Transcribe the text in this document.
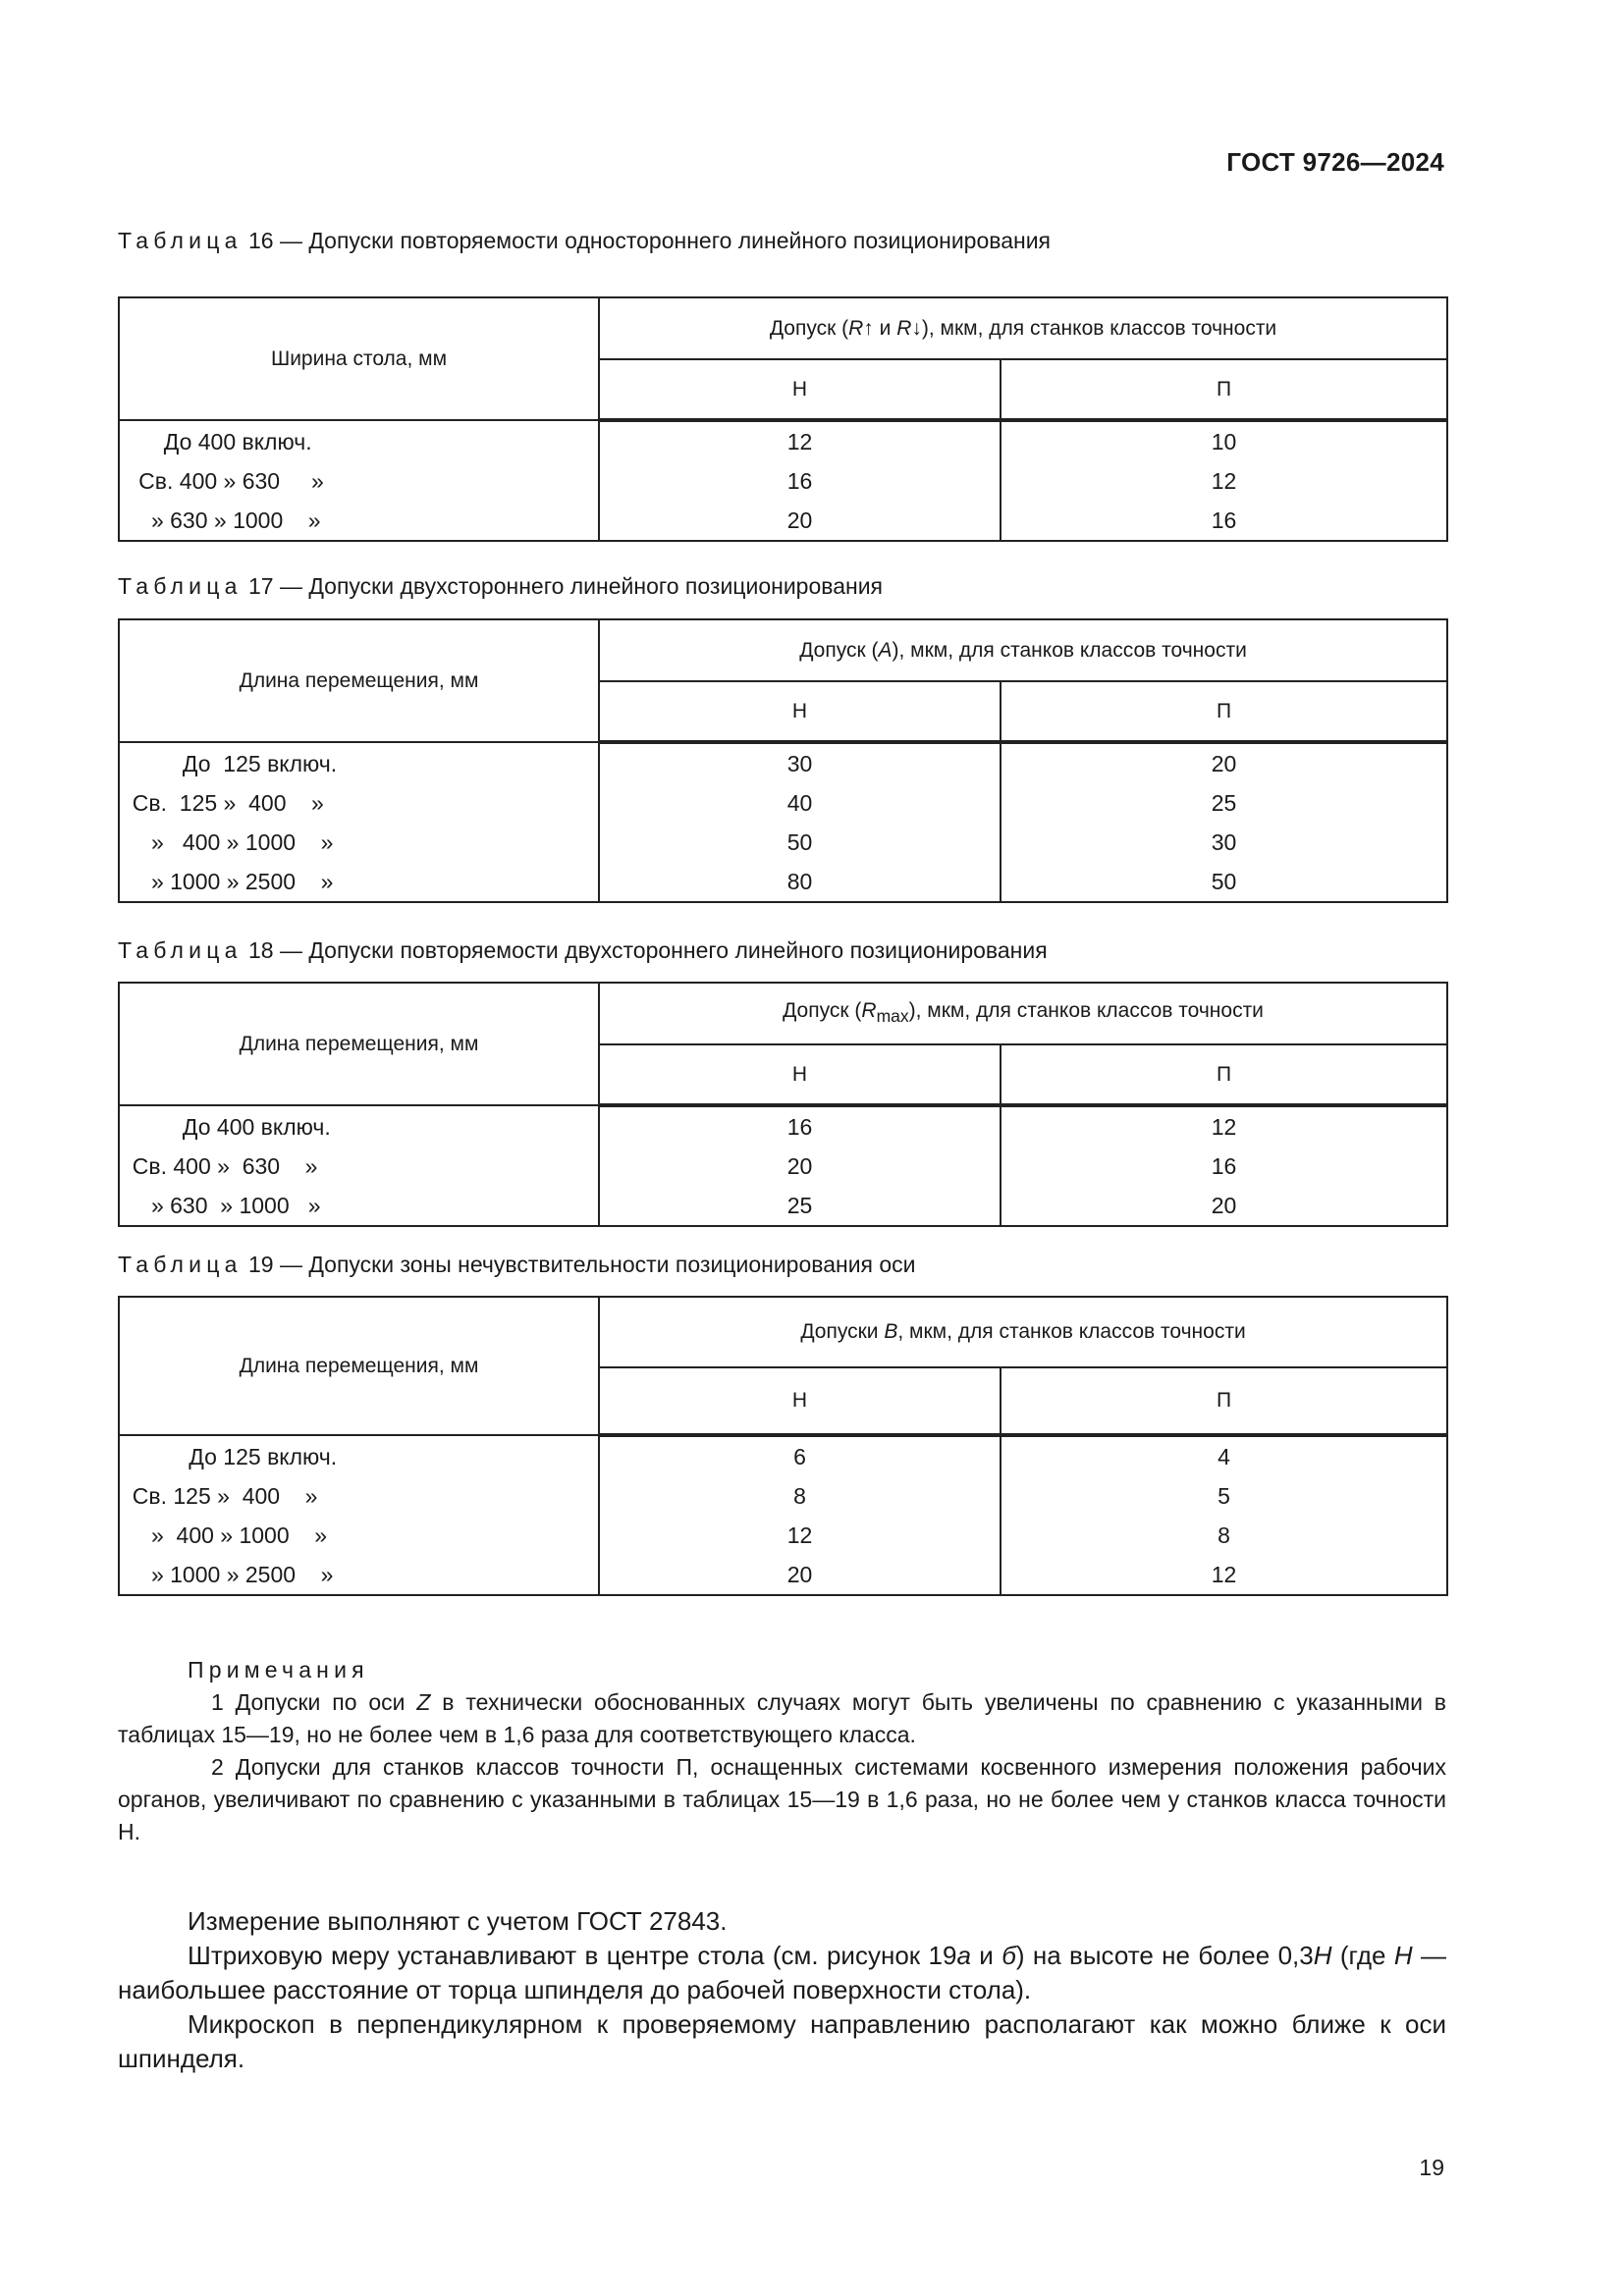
ГОСТ 9726—2024
Таблица 16 — Допуски повторяемости одностороннего линейного позиционирования
Ширина стола, мм	Допуск (R↑ и R↓), мкм, для станков классов точности	
	Н	П
До 400 включ.	12	10
Св. 400 » 630     »	16	12
» 630 » 1000    »	20	16
Таблица 17 — Допуски двухстороннего линейного позиционирования
Длина перемещения, мм	Допуск (A), мкм, для станков классов точности	
	Н	П
До  125 включ.	30	20
Св.  125 »  400    »	40	25
»   400 » 1000    »	50	30
» 1000 » 2500    »	80	50
Таблица 18 — Допуски повторяемости двухстороннего линейного позиционирования
Длина перемещения, мм	Допуск $(R_{max})$, мкм, для станков классов точности	
	Н	П
До 400 включ.	16	12
Св. 400 »  630    »	20	16
» 630  » 1000   »	25	20
Таблица 19 — Допуски зоны нечувствительности позиционирования оси
Длина перемещения, мм	Допуски B, мкм, для станков классов точности	
	Н	П
До 125 включ.	6	4
Св. 125 »  400    »	8	5
»  400 » 1000    »	12	8
» 1000 » 2500    »	20	12
Примечания

1 Допуски по оси Z в технически обоснованных случаях могут быть увеличены по сравнению с указанными в таблицах 15—19, но не более чем в 1,6 раза для соответствующего класса.

2 Допуски для станков классов точности П, оснащенных системами косвенного измерения положения рабочих органов, увеличивают по сравнению с указанными в таблицах 15—19 в 1,6 раза, но не более чем у станков класса точности Н.

Измерение выполняют с учетом ГОСТ 27843.

Штриховую меру устанавливают в центре стола (см. рисунок 19а и б) на высоте не более 0,3H (где H — наибольшее расстояние от торца шпинделя до рабочей поверхности стола).

Микроскоп в перпендикулярном к проверяемому направлению располагают как можно ближе к оси шпинделя.

19
